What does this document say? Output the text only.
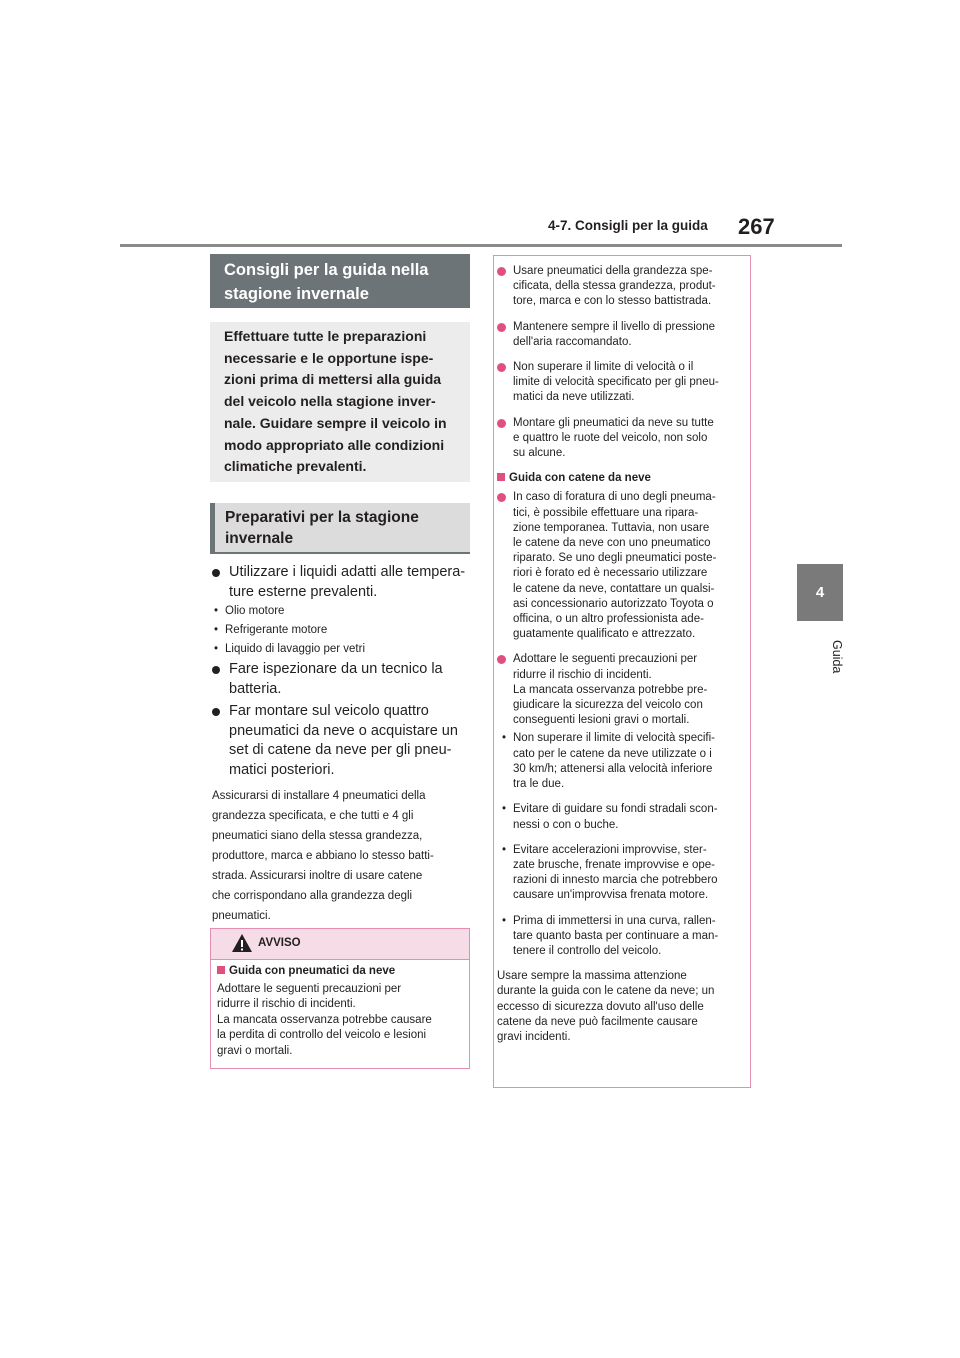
4-7. Consigli per la guida 267
4
Guida
Consigli per la guida nella
stagione invernale
Effettuare tutte le preparazioni
necessarie e le opportune ispe-
zioni prima di mettersi alla guida
del veicolo nella stagione inver-
nale. Guidare sempre il veicolo in
modo appropriato alle condizioni
climatiche prevalenti.
Preparativi per la stagione
invernale
Utilizzare i liquidi adatti alle tempera-
ture esterne prevalenti.
• Olio motore
• Refrigerante motore
• Liquido di lavaggio per vetri
Fare ispezionare da un tecnico la
batteria.
Far montare sul veicolo quattro
pneumatici da neve o acquistare un
set di catene da neve per gli pneu-
matici posteriori.
Assicurarsi di installare 4 pneumatici della
grandezza specificata, e che tutti e 4 gli
pneumatici siano della stessa grandezza,
produttore, marca e abbiano lo stesso batti-
strada. Assicurarsi inoltre di usare catene
che corrispondano alla grandezza degli
pneumatici.
AVVISO
Guida con pneumatici da neve
Adottare le seguenti precauzioni per
ridurre il rischio di incidenti.
La mancata osservanza potrebbe causare
la perdita di controllo del veicolo e lesioni
gravi o mortali.
Usare pneumatici della grandezza spe-
cificata, della stessa grandezza, produt-
tore, marca e con lo stesso battistrada.
Mantenere sempre il livello di pressione
dell'aria raccomandato.
Non superare il limite di velocità o il
limite di velocità specificato per gli pneu-
matici da neve utilizzati.
Montare gli pneumatici da neve su tutte
e quattro le ruote del veicolo, non solo
su alcune.
Guida con catene da neve
In caso di foratura di uno degli pneuma-
tici, è possibile effettuare una ripara-
zione temporanea. Tuttavia, non usare
le catene da neve con uno pneumatico
riparato. Se uno degli pneumatici poste-
riori è forato ed è necessario utilizzare
le catene da neve, contattare un qualsi-
asi concessionario autorizzato Toyota o
officina, o un altro professionista ade-
guatamente qualificato e attrezzato.
Adottare le seguenti precauzioni per
ridurre il rischio di incidenti.
La mancata osservanza potrebbe pre-
giudicare la sicurezza del veicolo con
conseguenti lesioni gravi o mortali.
• Non superare il limite di velocità specifi-
cato per le catene da neve utilizzate o i
30 km/h; attenersi alla velocità inferiore
tra le due.
• Evitare di guidare su fondi stradali scon-
nessi o con o buche.
• Evitare accelerazioni improvvise, ster-
zate brusche, frenate improvvise e ope-
razioni di innesto marcia che potrebbero
causare un'improvvisa frenata motore.
• Prima di immettersi in una curva, rallen-
tare quanto basta per continuare a man-
tenere il controllo del veicolo.
Usare sempre la massima attenzione
durante la guida con le catene da neve; un
eccesso di sicurezza dovuto all'uso delle
catene da neve può facilmente causare
gravi incidenti.
